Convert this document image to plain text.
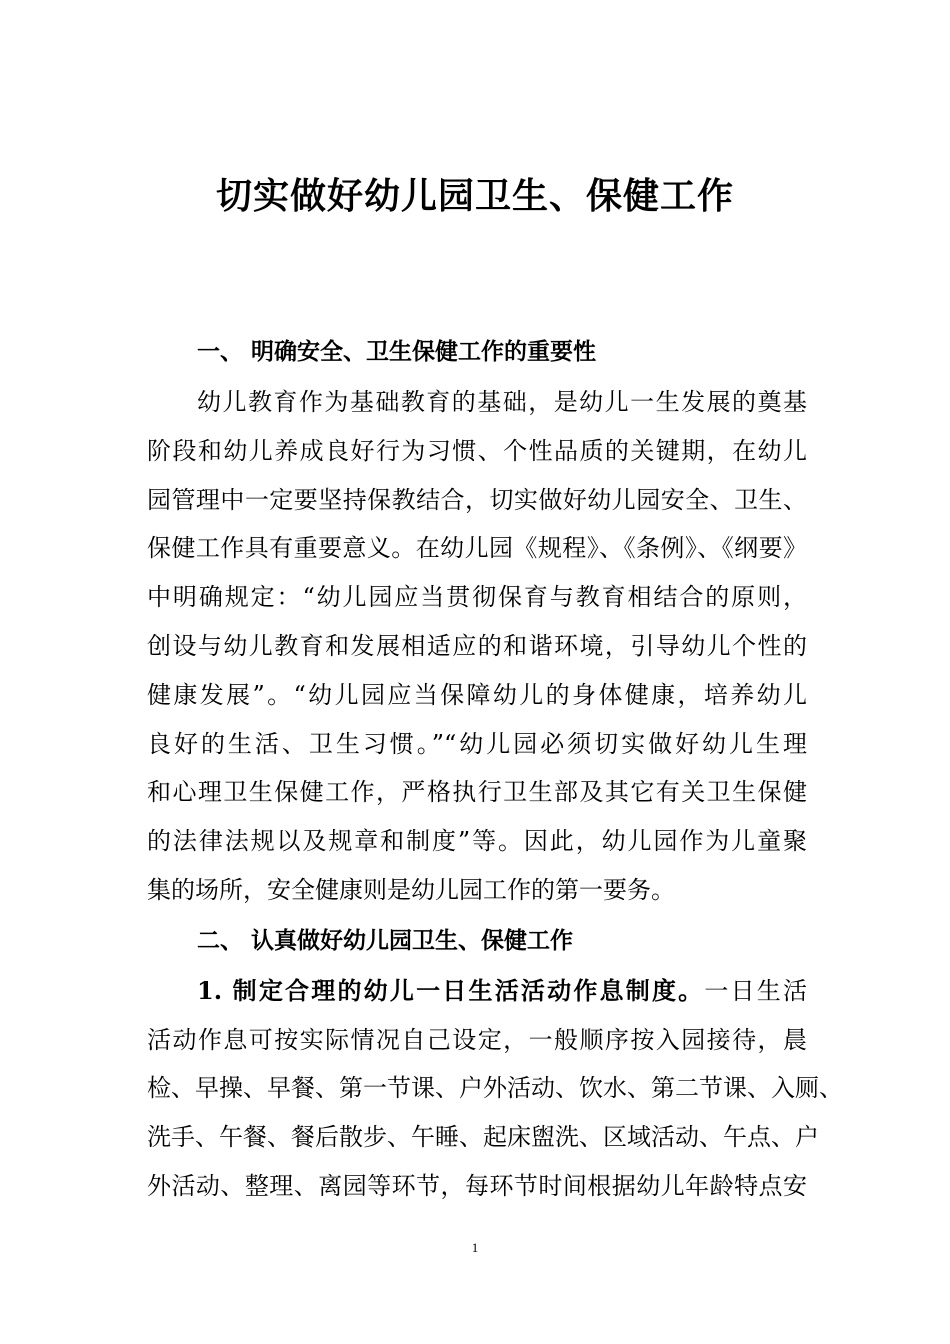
切实做好幼儿园卫生、保健工作
一、 明确安全、卫生保健工作的重要性
幼儿教育作为基础教育的基础，是幼儿一生发展的奠基
阶段和幼儿养成良好行为习惯、个性品质的关键期，在幼儿
园管理中一定要坚持保教结合，切实做好幼儿园安全、卫生、
保健工作具有重要意义。在幼儿园《规程》、《条例》、《纲要》
中明确规定：“幼儿园应当贯彻保育与教育相结合的原则，
创设与幼儿教育和发展相适应的和谐环境，引导幼儿个性的
健康发展”。“幼儿园应当保障幼儿的身体健康，培养幼儿
良好的生活、卫生习惯。”“幼儿园必须切实做好幼儿生理
和心理卫生保健工作，严格执行卫生部及其它有关卫生保健
的法律法规以及规章和制度”等。因此，幼儿园作为儿童聚
集的场所，安全健康则是幼儿园工作的第一要务。
二、 认真做好幼儿园卫生、保健工作
1. 制定合理的幼儿一日生活活动作息制度。一日生活
活动作息可按实际情况自己设定，一般顺序按入园接待，晨
检、早操、早餐、第一节课、户外活动、饮水、第二节课、入厕、
洗手、午餐、餐后散步、午睡、起床盥洗、区域活动、午点、户
外活动、整理、离园等环节，每环节时间根据幼儿年龄特点安
1
